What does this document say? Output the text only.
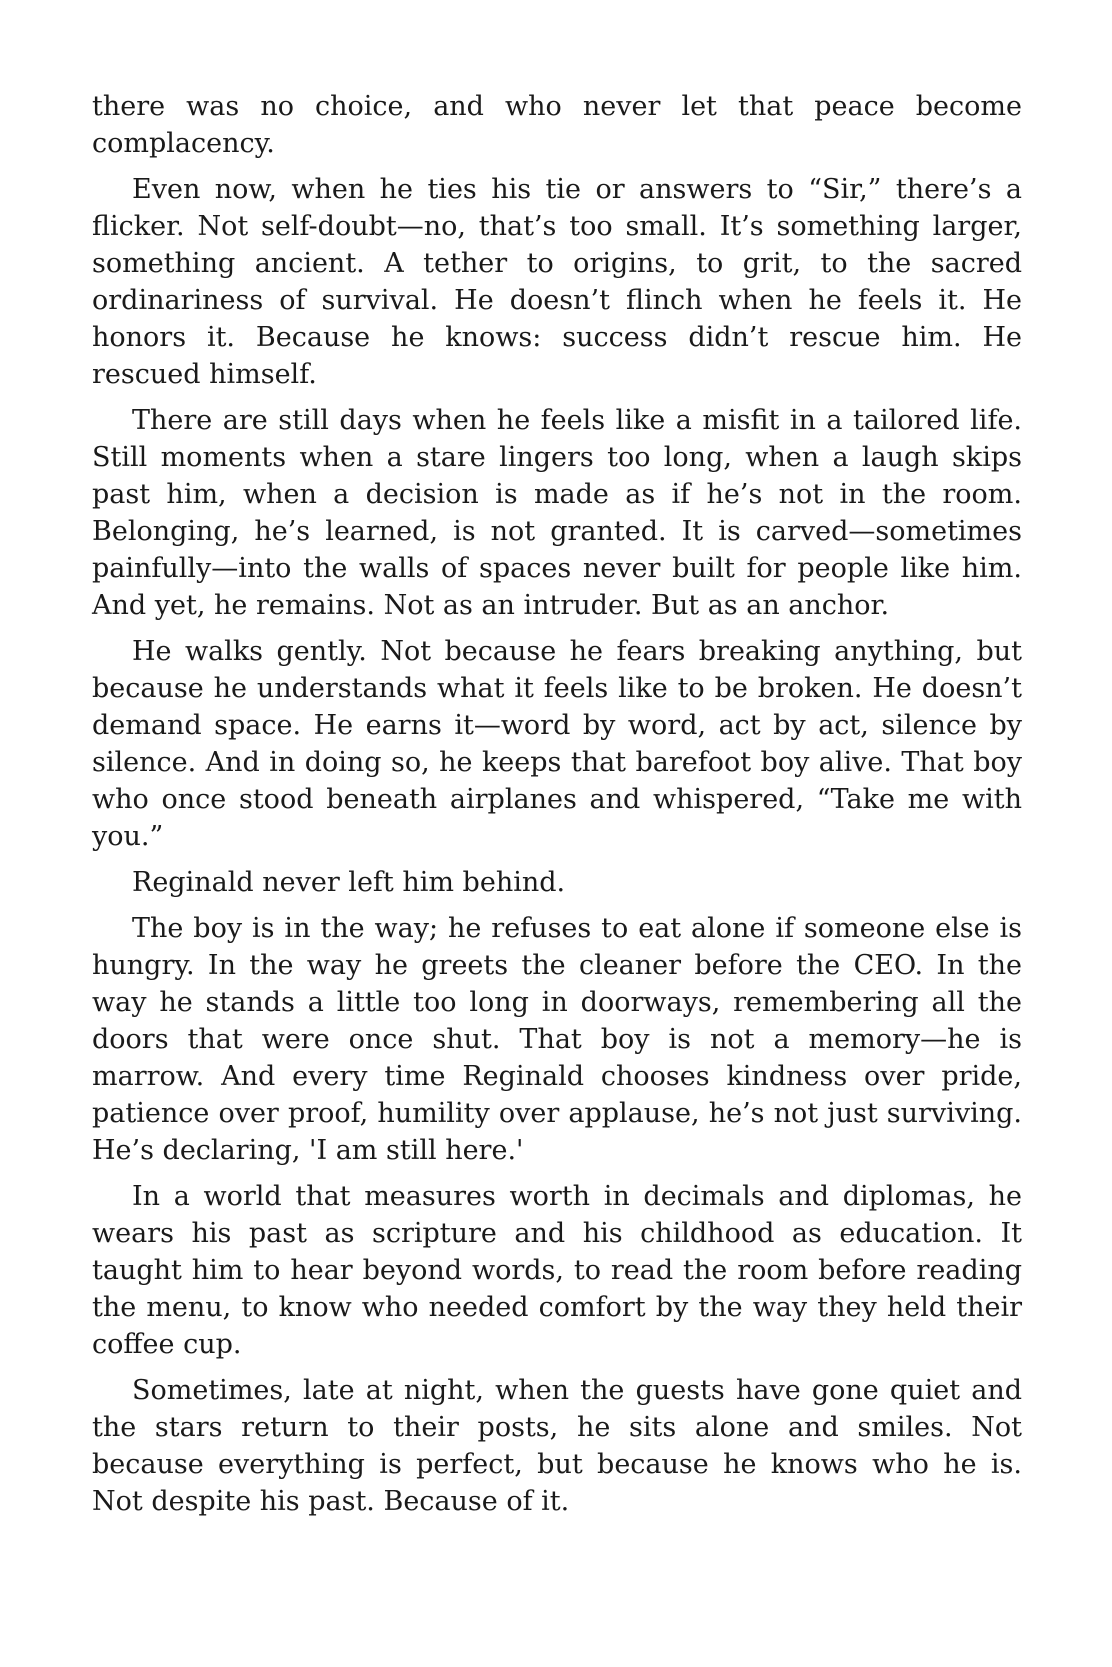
there was no choice, and who never let that peace become complacency.

Even now, when he ties his tie or answers to “Sir,” there’s a flicker. Not self-doubt—no, that’s too small. It’s something larger, something ancient. A tether to origins, to grit, to the sacred ordinariness of survival. He doesn’t flinch when he feels it. He honors it. Because he knows: success didn’t rescue him. He rescued himself.

There are still days when he feels like a misfit in a tailored life. Still moments when a stare lingers too long, when a laugh skips past him, when a decision is made as if he’s not in the room. Belonging, he’s learned, is not granted. It is carved—sometimes painfully—into the walls of spaces never built for people like him. And yet, he remains. Not as an intruder. But as an anchor.

He walks gently. Not because he fears breaking anything, but because he understands what it feels like to be broken. He doesn’t demand space. He earns it—word by word, act by act, silence by silence. And in doing so, he keeps that barefoot boy alive. That boy who once stood beneath airplanes and whispered, “Take me with you.”

Reginald never left him behind.

The boy is in the way; he refuses to eat alone if someone else is hungry. In the way he greets the cleaner before the CEO. In the way he stands a little too long in doorways, remembering all the doors that were once shut. That boy is not a memory—he is marrow. And every time Reginald chooses kindness over pride, patience over proof, humility over applause, he’s not just surviving. He’s declaring, 'I am still here.'

In a world that measures worth in decimals and diplomas, he wears his past as scripture and his childhood as education. It taught him to hear beyond words, to read the room before reading the menu, to know who needed comfort by the way they held their coffee cup.

Sometimes, late at night, when the guests have gone quiet and the stars return to their posts, he sits alone and smiles. Not because everything is perfect, but because he knows who he is. Not despite his past. Because of it.
